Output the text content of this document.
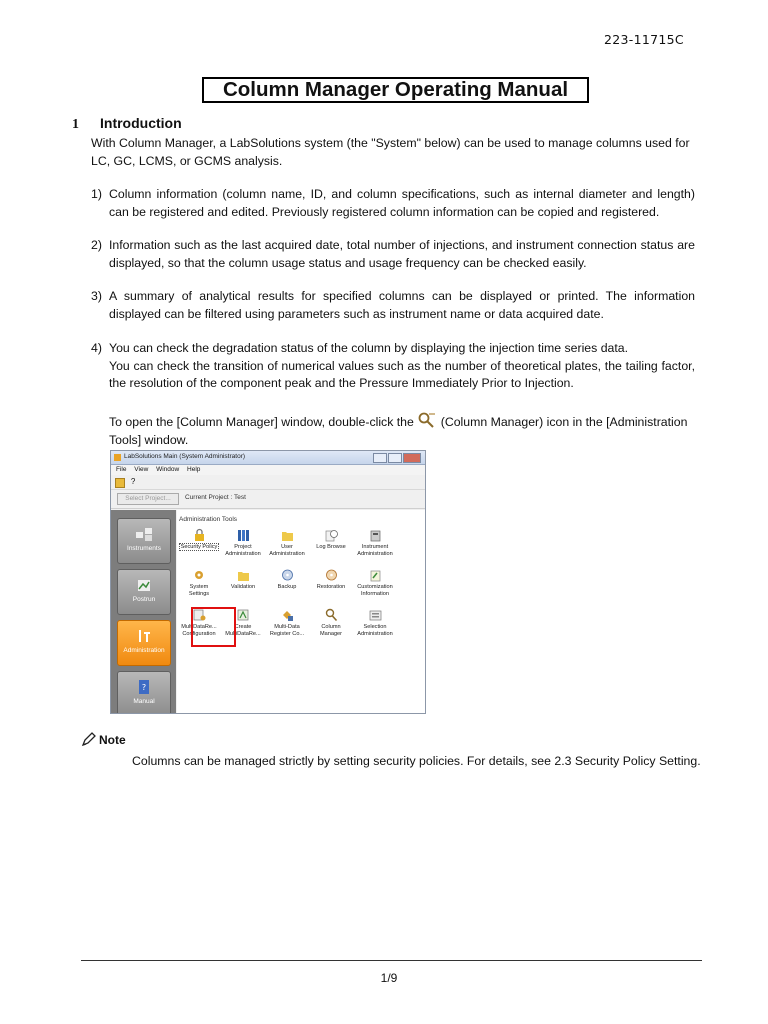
223-11715C
Column Manager Operating Manual
1 Introduction
With Column Manager, a LabSolutions system (the "System" below) can be used to manage columns used for LC, GC, LCMS, or GCMS analysis.
1) Column information (column name, ID, and column specifications, such as internal diameter and length) can be registered and edited. Previously registered column information can be copied and registered.
2) Information such as the last acquired date, total number of injections, and instrument connection status are displayed, so that the column usage status and usage frequency can be checked easily.
3) A summary of analytical results for specified columns can be displayed or printed. The information displayed can be filtered using parameters such as instrument name or data acquired date.
4) You can check the degradation status of the column by displaying the injection time series data.
You can check the transition of numerical values such as the number of theoretical plates, the tailing factor, the resolution of the component peak and the Pressure Immediately Prior to Injection.
To open the [Column Manager] window, double-click the (Column Manager) icon in the [Administration Tools] window.
LabSolutions Main (System Administrator)
File View Window Help
?
Select Project...	Current Project : Test
Instruments
Postrun
Administration
?
Manual
Administration Tools
Security Policy	Project
Administration
User
Administration
Log Browse	Instrument
Administration
System
Settings
Validation	Backup	Restoration	Customization
Information
MultiDataRe...
Configuration
Create
MultiDataRe...
Multi-Data
Register Co...
Column
Manager
Selection
Administration
Note
Columns can be managed strictly by setting security policies. For details, see 2.3 Security Policy Setting.
1/9
